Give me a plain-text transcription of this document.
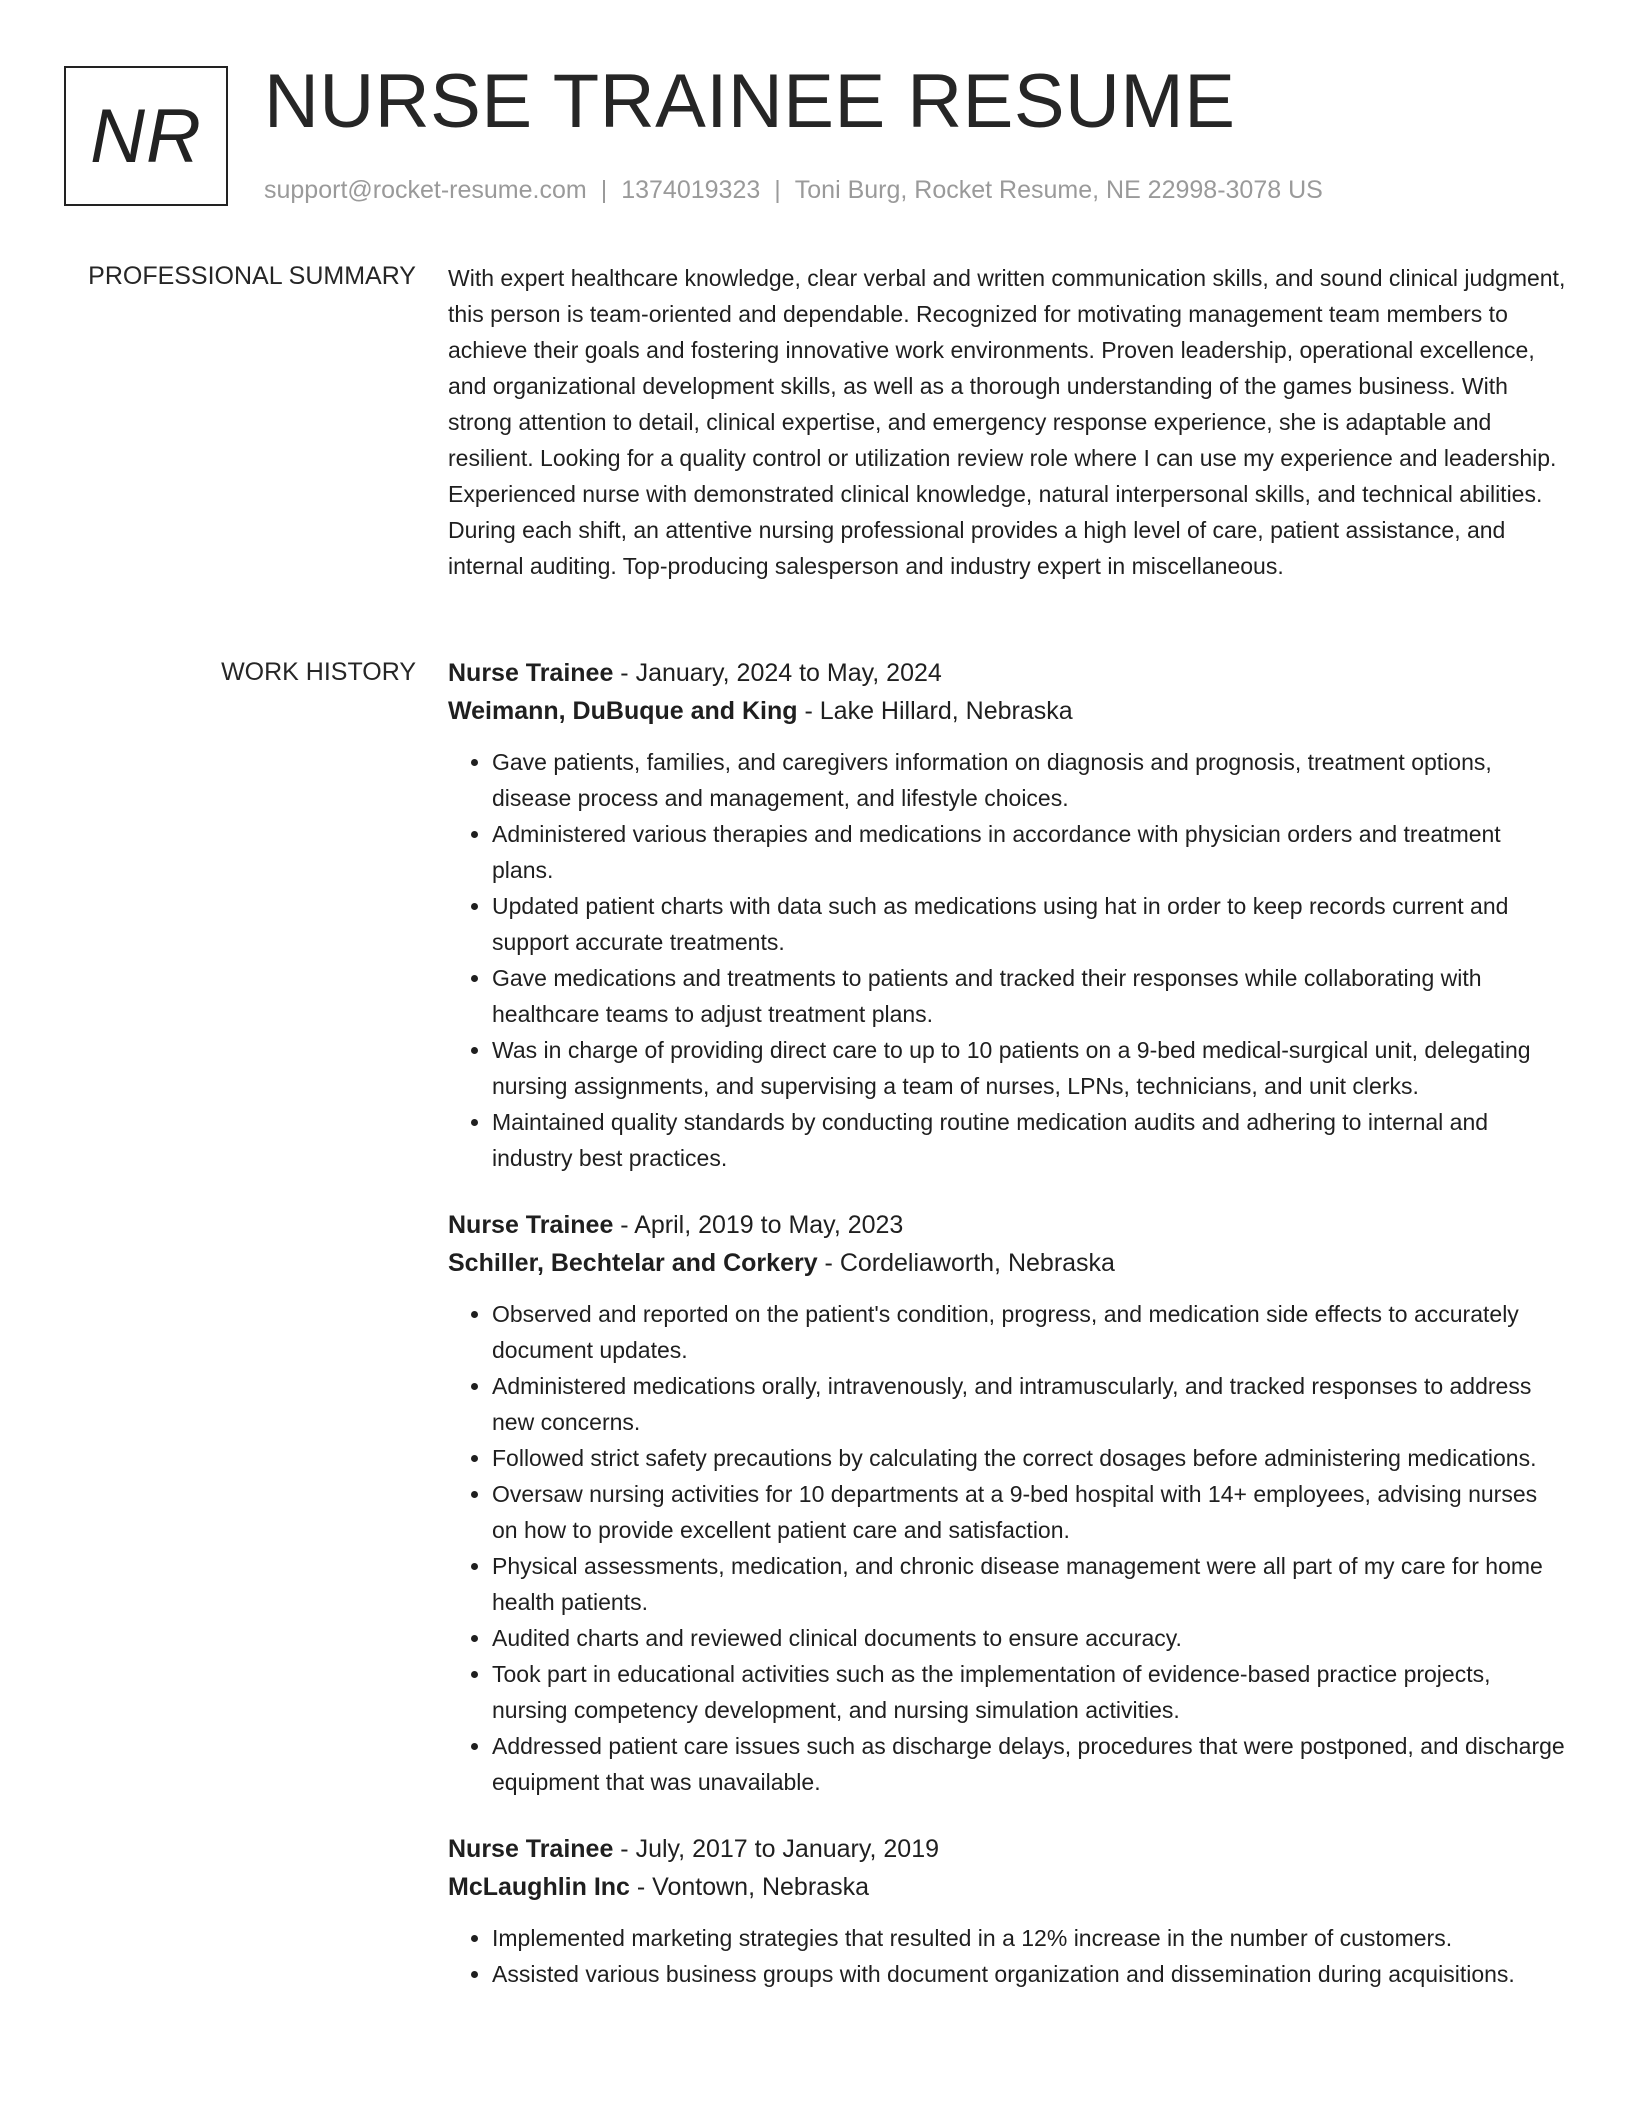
NR NURSE TRAINEE RESUME
support@rocket-resume.com | 1374019323 | Toni Burg, Rocket Resume, NE 22998-3078 US
PROFESSIONAL SUMMARY With expert healthcare knowledge, clear verbal and written communication skills, and sound clinical judgment, this person is team-oriented and dependable. Recognized for motivating management team members to achieve their goals and fostering innovative work environments. Proven leadership, operational excellence, and organizational development skills, as well as a thorough understanding of the games business. With strong attention to detail, clinical expertise, and emergency response experience, she is adaptable and resilient. Looking for a quality control or utilization review role where I can use my experience and leadership. Experienced nurse with demonstrated clinical knowledge, natural interpersonal skills, and technical abilities. During each shift, an attentive nursing professional provides a high level of care, patient assistance, and internal auditing. Top-producing salesperson and industry expert in miscellaneous.

WORK HISTORY Nurse Trainee - January, 2024 to May, 2024
Weimann, DuBuque and King - Lake Hillard, Nebraska
• Gave patients, families, and caregivers information on diagnosis and prognosis, treatment options, disease process and management, and lifestyle choices.
• Administered various therapies and medications in accordance with physician orders and treatment plans.
• Updated patient charts with data such as medications using hat in order to keep records current and support accurate treatments.
• Gave medications and treatments to patients and tracked their responses while collaborating with healthcare teams to adjust treatment plans.
• Was in charge of providing direct care to up to 10 patients on a 9-bed medical-surgical unit, delegating nursing assignments, and supervising a team of nurses, LPNs, technicians, and unit clerks.
• Maintained quality standards by conducting routine medication audits and adhering to internal and industry best practices.
Nurse Trainee - April, 2019 to May, 2023
Schiller, Bechtelar and Corkery - Cordeliaworth, Nebraska
• Observed and reported on the patient's condition, progress, and medication side effects to accurately document updates.
• Administered medications orally, intravenously, and intramuscularly, and tracked responses to address new concerns.
• Followed strict safety precautions by calculating the correct dosages before administering medications.
• Oversaw nursing activities for 10 departments at a 9-bed hospital with 14+ employees, advising nurses on how to provide excellent patient care and satisfaction.
• Physical assessments, medication, and chronic disease management were all part of my care for home health patients.
• Audited charts and reviewed clinical documents to ensure accuracy.
• Took part in educational activities such as the implementation of evidence-based practice projects, nursing competency development, and nursing simulation activities.
• Addressed patient care issues such as discharge delays, procedures that were postponed, and discharge equipment that was unavailable.
Nurse Trainee - July, 2017 to January, 2019
McLaughlin Inc - Vontown, Nebraska
• Implemented marketing strategies that resulted in a 12% increase in the number of customers.
• Assisted various business groups with document organization and dissemination during acquisitions.
